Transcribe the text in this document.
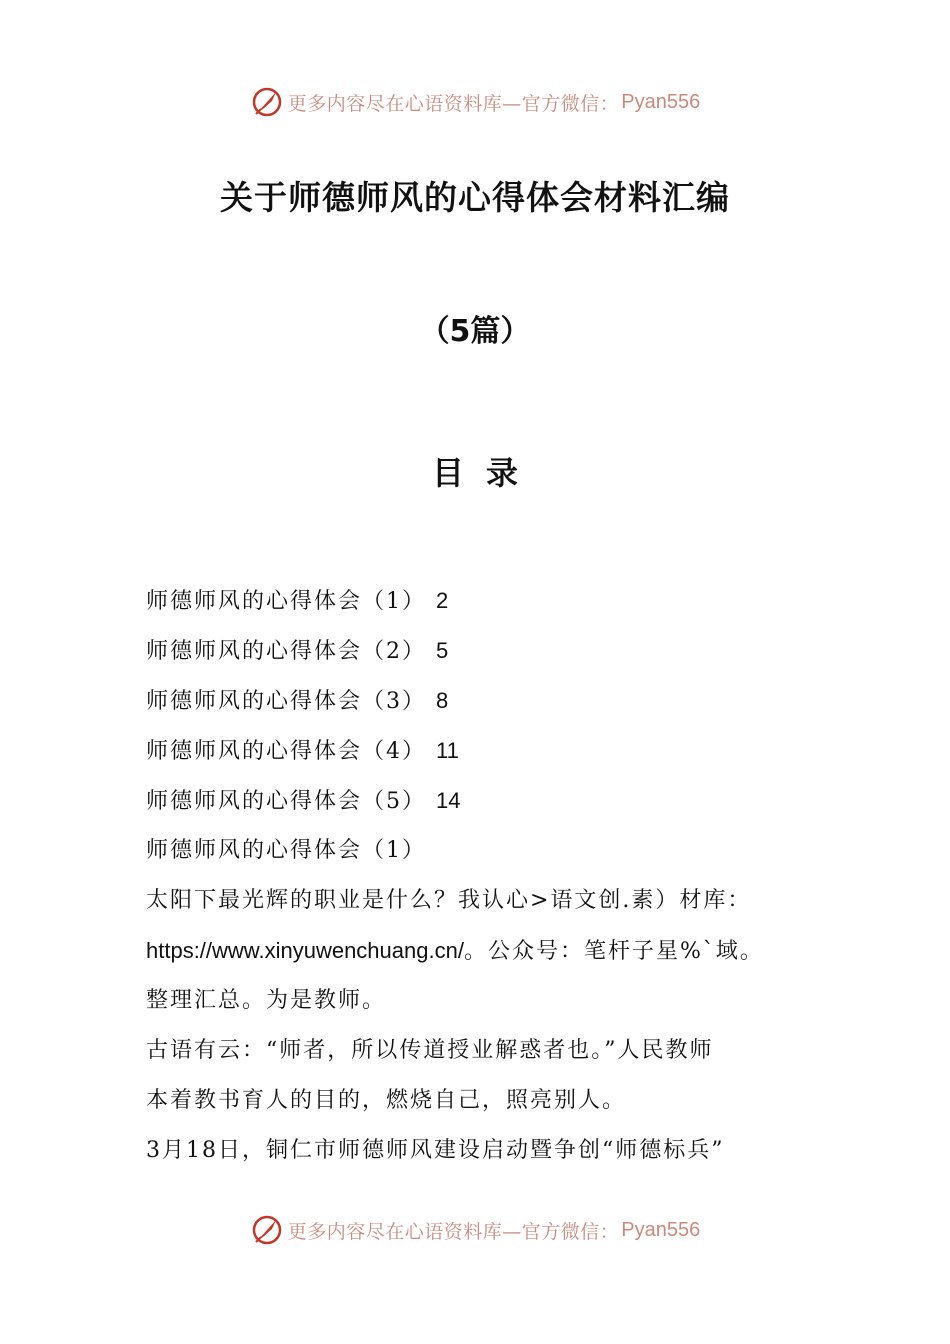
更多内容尽在心语资料库—官方微信： Pyan556
关于师德师风的心得体会材料汇编
（5篇）
目录
师德师风的心得体会（1） 2
师德师风的心得体会（2） 5
师德师风的心得体会（3） 8
师德师风的心得体会（4） 11
师德师风的心得体会（5） 14
师德师风的心得体会（1）
太阳下最光辉的职业是什么？我认心>语文创.素）材库：
https://www.xinyuwenchuang.cn/。公众号：笔杆子星%`域。
整理汇总。为是教师。
古语有云：“师者，所以传道授业解惑者也。”人民教师
本着教书育人的目的，燃烧自己，照亮别人。
3月18日，铜仁市师德师风建设启动暨争创“师德标兵”
更多内容尽在心语资料库—官方微信： Pyan556
